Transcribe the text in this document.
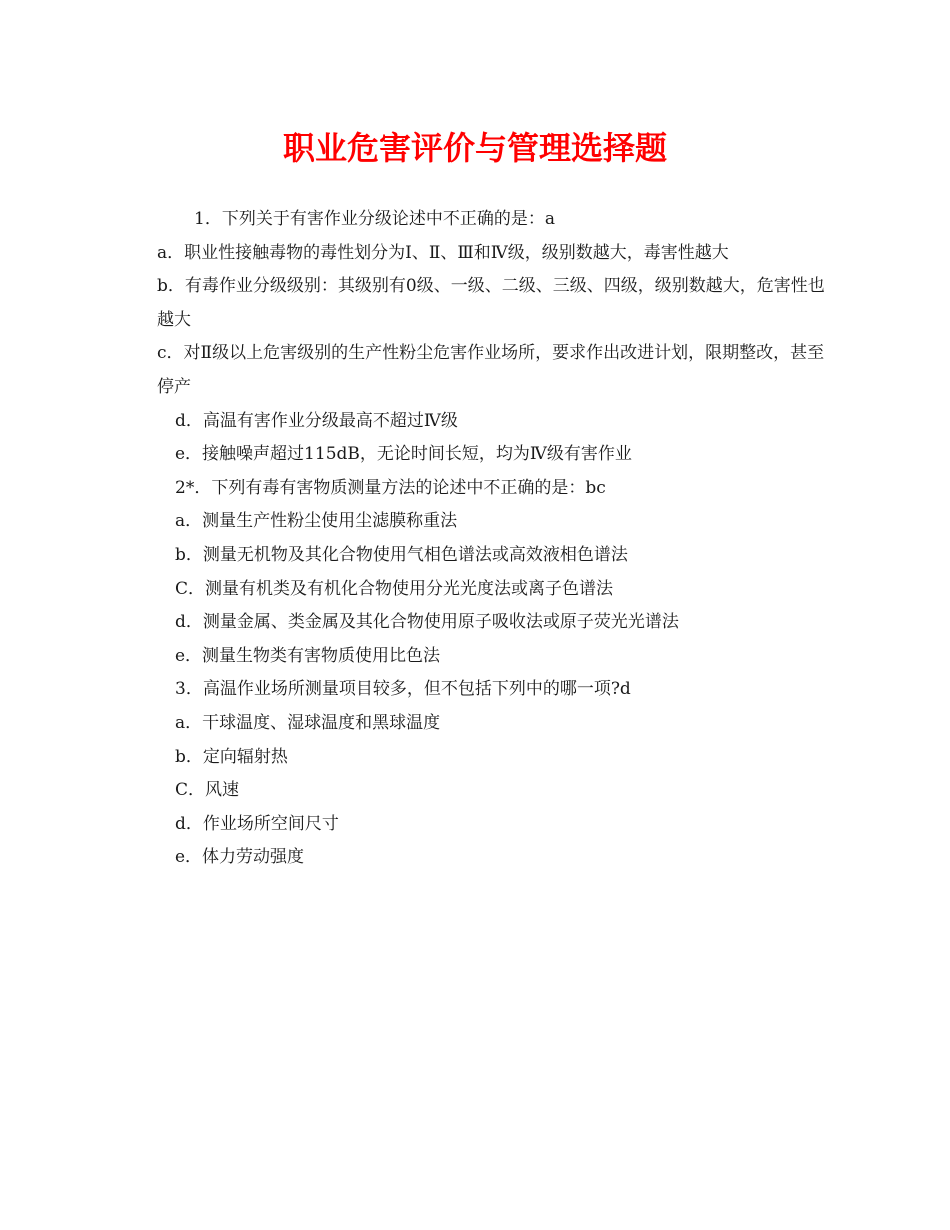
职业危害评价与管理选择题

1．下列关于有害作业分级论述中不正确的是：a

a．职业性接触毒物的毒性划分为Ⅰ、Ⅱ、Ⅲ和Ⅳ级，级别数越大，毒害性越大

b．有毒作业分级级别：其级别有0级、一级、二级、三级、四级，级别数越大，危害性也越大

c．对Ⅱ级以上危害级别的生产性粉尘危害作业场所，要求作出改进计划，限期整改，甚至停产

d．高温有害作业分级最高不超过Ⅳ级

e．接触噪声超过115dB，无论时间长短，均为Ⅳ级有害作业

2*．下列有毒有害物质测量方法的论述中不正确的是：bc

a．测量生产性粉尘使用尘滤膜称重法

b．测量无机物及其化合物使用气相色谱法或高效液相色谱法

C．测量有机类及有机化合物使用分光光度法或离子色谱法

d．测量金属、类金属及其化合物使用原子吸收法或原子荧光光谱法

e．测量生物类有害物质使用比色法

3．高温作业场所测量项目较多，但不包括下列中的哪一项?d

a．干球温度、湿球温度和黑球温度

b．定向辐射热

C．风速

d．作业场所空间尺寸

e．体力劳动强度
